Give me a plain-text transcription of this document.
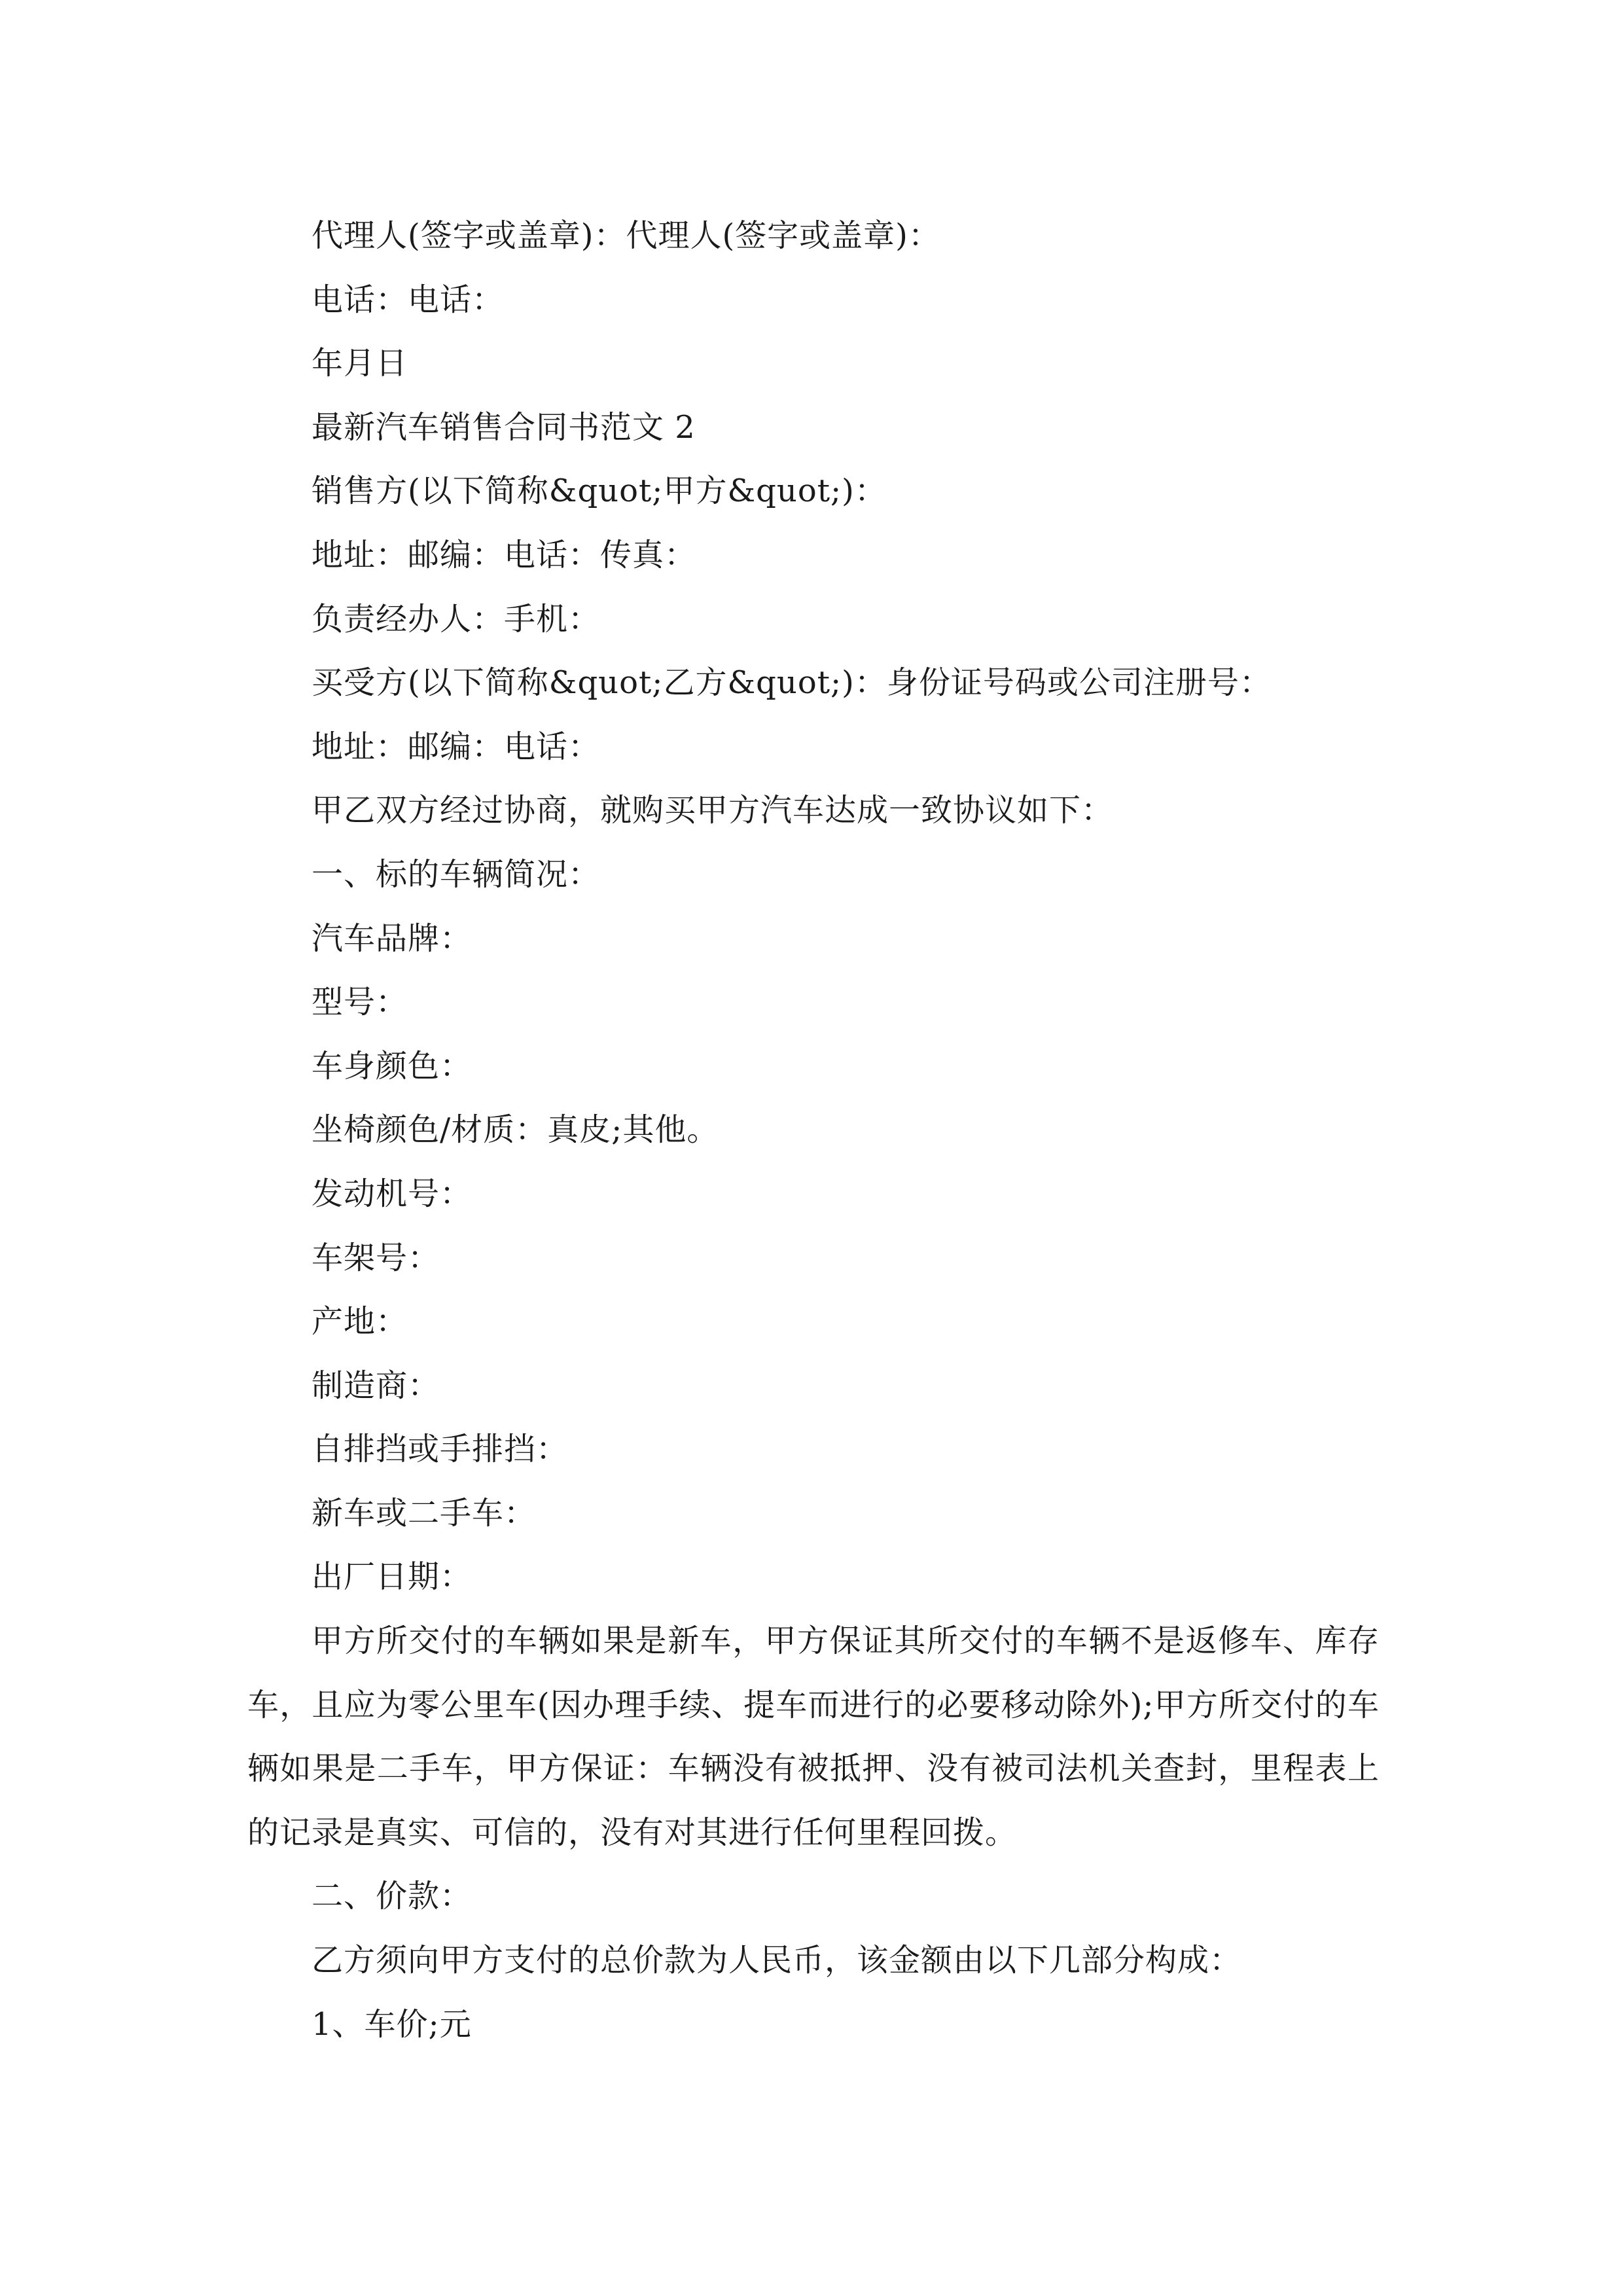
代理人(签字或盖章)：代理人(签字或盖章)：
电话：电话：
年月日
最新汽车销售合同书范文 2
销售方(以下简称&quot;甲方&quot;)：
地址：邮编：电话：传真：
负责经办人：手机：
买受方(以下简称&quot;乙方&quot;)：身份证号码或公司注册号：
地址：邮编：电话：
甲乙双方经过协商，就购买甲方汽车达成一致协议如下：
一、标的车辆简况：
汽车品牌：
型号：
车身颜色：
坐椅颜色/材质：真皮;其他。
发动机号：
车架号：
产地：
制造商：
自排挡或手排挡：
新车或二手车：
出厂日期：
甲方所交付的车辆如果是新车，甲方保证其所交付的车辆不是返修车、库存车，且应为零公里车(因办理手续、提车而进行的必要移动除外);甲方所交付的车辆如果是二手车，甲方保证：车辆没有被抵押、没有被司法机关查封，里程表上的记录是真实、可信的，没有对其进行任何里程回拨。
二、价款：
乙方须向甲方支付的总价款为人民币，该金额由以下几部分构成：
1、车价;元
